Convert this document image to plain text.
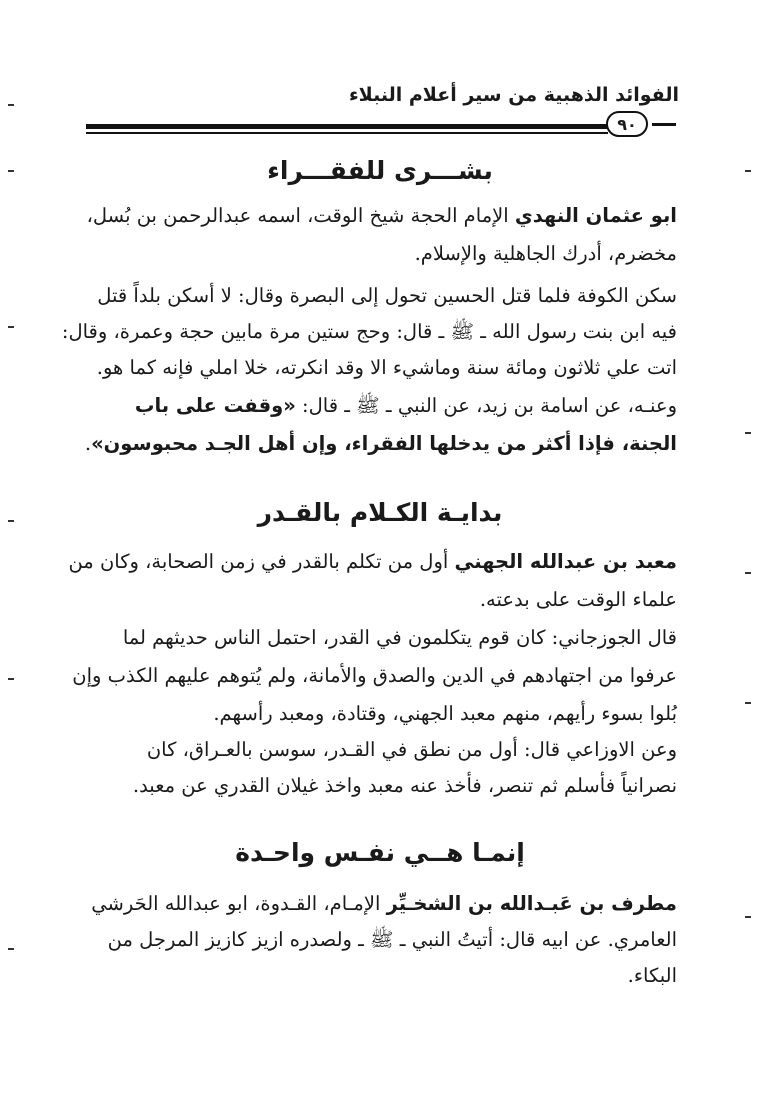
الفوائد الذهبية من سير أعلام النبلاء
٩٠
بشـــرى للفقـــراء
ابو عثمان النهدي الإمام الحجة شيخ الوقت، اسمه عبدالرحمن بن بُسل،
مخضرم، أدرك الجاهلية والإسلام.
سكن الكوفة فلما قتل الحسين تحول إلى البصرة وقال: لا أسكن بلداً قتل
فيه ابن بنت رسول الله ـ ﷺ ـ قال: وحج ستين مرة مابين حجة وعمرة، وقال:
اتت علي ثلاثون ومائة سنة وماشيء الا وقد انكرته، خلا املي فإنه كما هو.
وعنـه، عن اسامة بن زيد، عن النبي ـ ﷺ ـ قال: «وقفت على باب
الجنة، فإذا أكثر من يدخلها الفقراء، وإن أهل الجـد محبوسون».
بدايـة الكـلام بالقـدر
معبد بن عبدالله الجهني أول من تكلم بالقدر في زمن الصحابة، وكان من
علماء الوقت على بدعته.
قال الجوزجاني: كان قوم يتكلمون في القدر، احتمل الناس حديثهم لما
عرفوا من اجتهادهم في الدين والصدق والأمانة، ولم يُتوهم عليهم الكذب وإن
بُلوا بسوء رأيهم، منهم معبد الجهني، وقتادة، ومعبد رأسهم.
وعن الاوزاعي قال: أول من نطق في القـدر، سوسن بالعـراق، كان
نصرانياً فأسلم ثم تنصر، فأخذ عنه معبد واخذ غيلان القدري عن معبد.
إنمـا هــي نفـس واحـدة
مطرف بن عَبـدالله بن الشخـيِّر الإمـام، القـدوة، ابو عبدالله الحَرشي
العامري. عن ابيه قال: أتيتُ النبي ـ ﷺ ـ ولصدره ازيز كازيز المرجل من
البكاء.
